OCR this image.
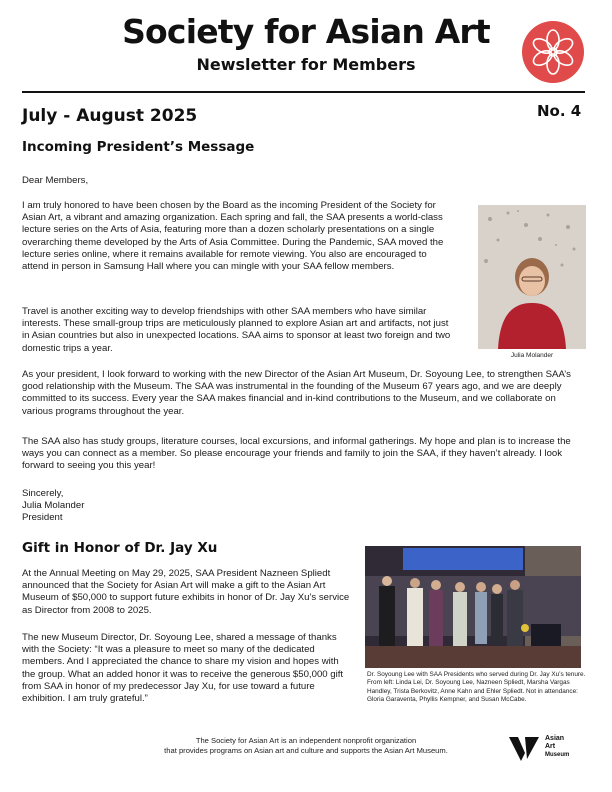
Society for Asian Art
Newsletter for Members
July - August 2025	No. 4
Incoming President’s Message
Dear Members,
I am truly honored to have been chosen by the Board as the incoming President of the Society for Asian Art, a vibrant and amazing organization. Each spring and fall, the SAA presents a world-class lecture series on the Arts of Asia, featuring more than a dozen scholarly presentations on a single overarching theme developed by the Arts of Asia Committee. During the Pandemic, SAA moved the lecture series online, where it remains available for remote viewing. You also are encouraged to attend in person in Samsung Hall where you can mingle with your SAA fellow members.
Travel is another exciting way to develop friendships with other SAA members who have similar interests. These small-group trips are meticulously planned to explore Asian art and artifacts, not just in Asian countries but also in unexpected locations. SAA aims to sponsor at least two foreign and two domestic trips a year.
Julia Molander
As your president, I look forward to working with the new Director of the Asian Art Museum, Dr. Soyoung Lee, to strengthen SAA’s good relationship with the Museum. The SAA was instrumental in the founding of the Museum 67 years ago, and we are deeply committed to its success. Every year the SAA makes financial and in-kind contributions to the Museum, and we collaborate on various programs throughout the year.
The SAA also has study groups, literature courses, local excursions, and informal gatherings. My hope and plan is to increase the ways you can connect as a member. So please encourage your friends and family to join the SAA, if they haven’t already. I look forward to seeing you this year!
Sincerely,
Julia Molander
President
Gift in Honor of Dr. Jay Xu
At the Annual Meeting on May 29, 2025, SAA President Nazneen Spliedt announced that the Society for Asian Art will make a gift to the Asian Art Museum of $50,000 to support future exhibits in honor of Dr. Jay Xu’s service as Director from 2008 to 2025.
The new Museum Director, Dr. Soyoung Lee, shared a message of thanks with the Society: “It was a pleasure to meet so many of the dedicated members. And I appreciated the chance to share my vision and hopes with the group. What an added honor it was to receive the generous $50,000 gift from SAA in honor of my predecessor Jay Xu, for use toward a future exhibition. I am truly grateful.”
Dr. Soyoung Lee with SAA Presidents who served during Dr. Jay Xu’s tenure. From left: Linda Lei, Dr. Soyoung Lee, Nazneen Spliedt, Marsha Vargas Handley, Trista Berkovitz, Anne Kahn and Ehler Spliedt. Not in attendance: Gloria Garaventa, Phyllis Kempner, and Susan McCabe.
The Society for Asian Art is an independent nonprofit organization
that provides programs on Asian art and culture and supports the Asian Art Museum.
Asian
Art
Museum
